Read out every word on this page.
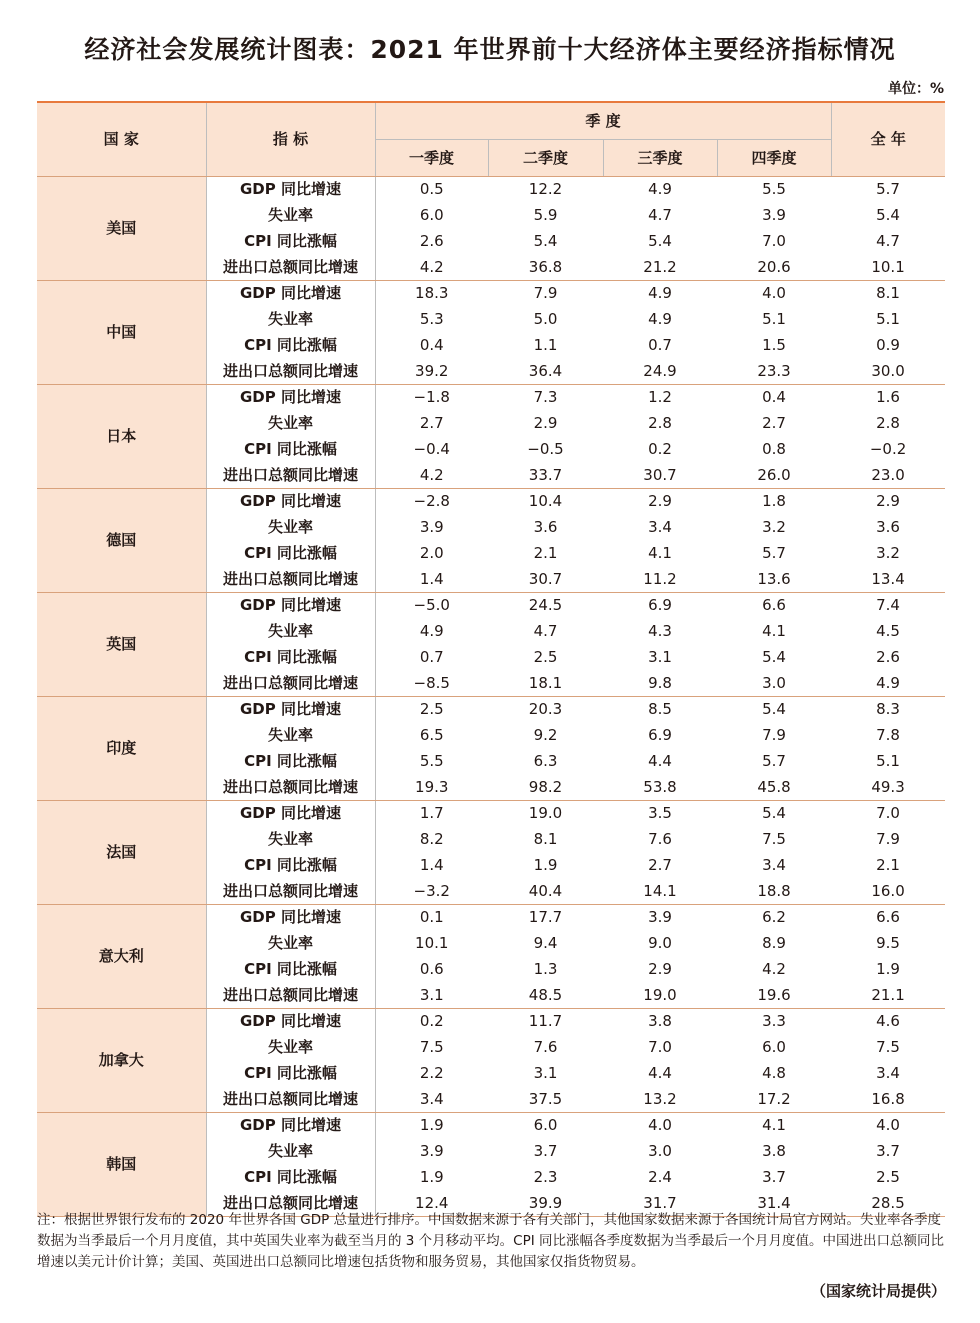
经济社会发展统计图表：2021 年世界前十大经济体主要经济指标情况
单位：%
国 家	指 标	季 度				全 年
		一季度	二季度	三季度	四季度	
美国	GDP 同比增速	0.5	12.2	4.9	5.5	5.7
	失业率	6.0	5.9	4.7	3.9	5.4
	CPI 同比涨幅	2.6	5.4	5.4	7.0	4.7
	进出口总额同比增速	4.2	36.8	21.2	20.6	10.1
中国	GDP 同比增速	18.3	7.9	4.9	4.0	8.1
	失业率	5.3	5.0	4.9	5.1	5.1
	CPI 同比涨幅	0.4	1.1	0.7	1.5	0.9
	进出口总额同比增速	39.2	36.4	24.9	23.3	30.0
日本	GDP 同比增速	−1.8	7.3	1.2	0.4	1.6
	失业率	2.7	2.9	2.8	2.7	2.8
	CPI 同比涨幅	−0.4	−0.5	0.2	0.8	−0.2
	进出口总额同比增速	4.2	33.7	30.7	26.0	23.0
德国	GDP 同比增速	−2.8	10.4	2.9	1.8	2.9
	失业率	3.9	3.6	3.4	3.2	3.6
	CPI 同比涨幅	2.0	2.1	4.1	5.7	3.2
	进出口总额同比增速	1.4	30.7	11.2	13.6	13.4
英国	GDP 同比增速	−5.0	24.5	6.9	6.6	7.4
	失业率	4.9	4.7	4.3	4.1	4.5
	CPI 同比涨幅	0.7	2.5	3.1	5.4	2.6
	进出口总额同比增速	−8.5	18.1	9.8	3.0	4.9
印度	GDP 同比增速	2.5	20.3	8.5	5.4	8.3
	失业率	6.5	9.2	6.9	7.9	7.8
	CPI 同比涨幅	5.5	6.3	4.4	5.7	5.1
	进出口总额同比增速	19.3	98.2	53.8	45.8	49.3
法国	GDP 同比增速	1.7	19.0	3.5	5.4	7.0
	失业率	8.2	8.1	7.6	7.5	7.9
	CPI 同比涨幅	1.4	1.9	2.7	3.4	2.1
	进出口总额同比增速	−3.2	40.4	14.1	18.8	16.0
意大利	GDP 同比增速	0.1	17.7	3.9	6.2	6.6
	失业率	10.1	9.4	9.0	8.9	9.5
	CPI 同比涨幅	0.6	1.3	2.9	4.2	1.9
	进出口总额同比增速	3.1	48.5	19.0	19.6	21.1
加拿大	GDP 同比增速	0.2	11.7	3.8	3.3	4.6
	失业率	7.5	7.6	7.0	6.0	7.5
	CPI 同比涨幅	2.2	3.1	4.4	4.8	3.4
	进出口总额同比增速	3.4	37.5	13.2	17.2	16.8
韩国	GDP 同比增速	1.9	6.0	4.0	4.1	4.0
	失业率	3.9	3.7	3.0	3.8	3.7
	CPI 同比涨幅	1.9	2.3	2.4	3.7	2.5
	进出口总额同比增速	12.4	39.9	31.7	31.4	28.5
注：根据世界银行发布的 2020 年世界各国 GDP 总量进行排序。中国数据来源于各有关部门，其他国家数据来源于各国统计局官方网站。失业率各季度数据为当季最后一个月月度值，其中英国失业率为截至当月的 3 个月移动平均。CPI 同比涨幅各季度数据为当季最后一个月月度值。中国进出口总额同比增速以美元计价计算；美国、英国进出口总额同比增速包括货物和服务贸易，其他国家仅指货物贸易。
（国家统计局提供）
